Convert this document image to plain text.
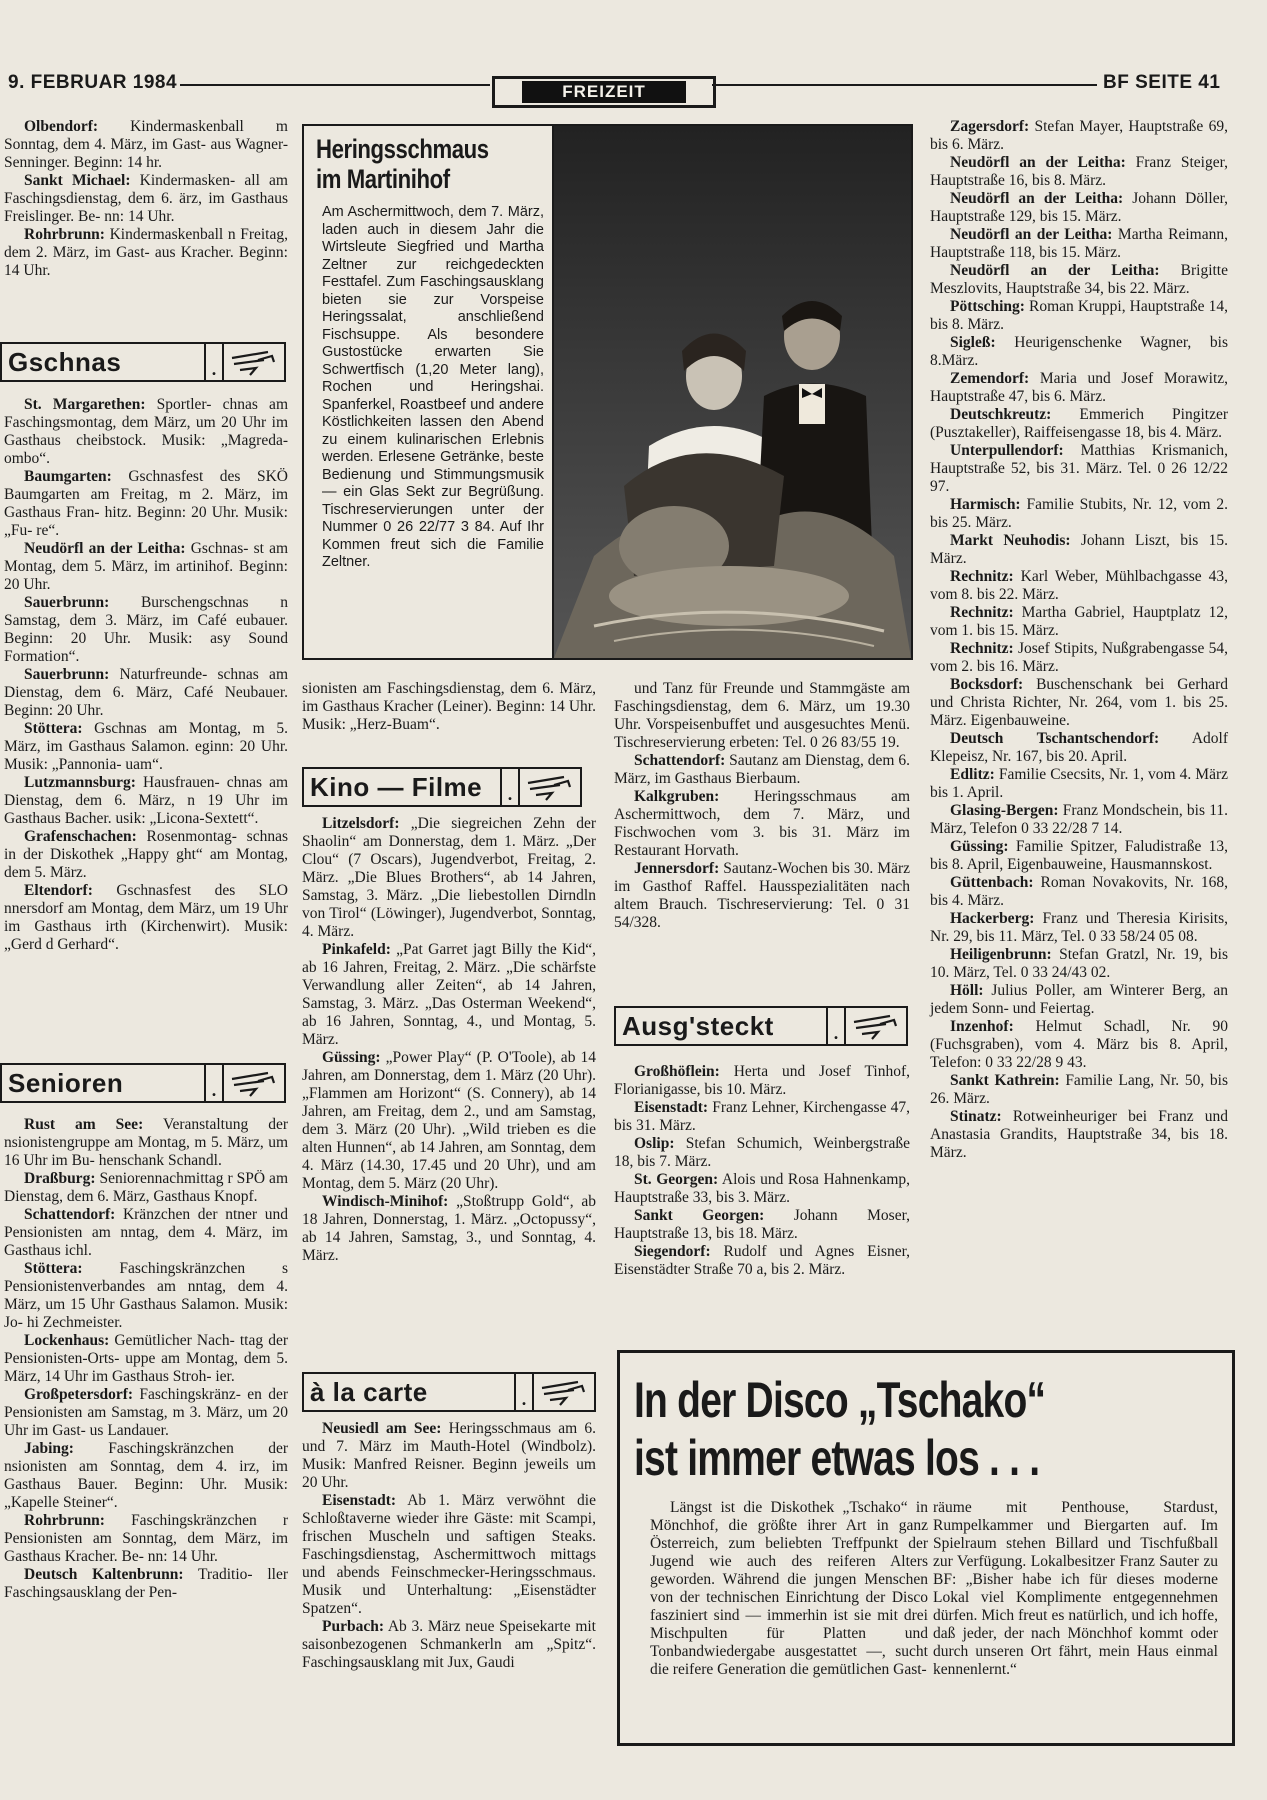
9. FEBRUAR 1984	FREIZEIT	BF SEITE 41

Olbendorf: Kindermaskenball m Sonntag, dem 4. März, im Gast- aus Wagner-Senninger. Beginn: 14 hr.

Sankt Michael: Kindermasken- all am Faschingsdienstag, dem 6. ärz, im Gasthaus Freislinger. Be- nn: 14 Uhr.

Rohrbrunn: Kindermaskenball n Freitag, dem 2. März, im Gast- aus Kracher. Beginn: 14 Uhr.

Gschnas	.

St. Margarethen: Sportler- chnas am Faschingsmontag, dem März, um 20 Uhr im Gasthaus cheibstock. Musik: „Magreda- ombo“.

Baumgarten: Gschnasfest des SKÖ Baumgarten am Freitag, m 2. März, im Gasthaus Fran- hitz. Beginn: 20 Uhr. Musik: „Fu- re“.

Neudörfl an der Leitha: Gschnas- st am Montag, dem 5. März, im artinihof. Beginn: 20 Uhr.

Sauerbrunn: Burschengschnas n Samstag, dem 3. März, im Café eubauer. Beginn: 20 Uhr. Musik: asy Sound Formation“.

Sauerbrunn: Naturfreunde- schnas am Dienstag, dem 6. März, Café Neubauer. Beginn: 20 Uhr.

Stöttera: Gschnas am Montag, m 5. März, im Gasthaus Salamon. eginn: 20 Uhr. Musik: „Pannonia- uam“.

Lutzmannsburg: Hausfrauen- chnas am Dienstag, dem 6. März, n 19 Uhr im Gasthaus Bacher. usik: „Licona-Sextett“.

Grafenschachen: Rosenmontag- schnas in der Diskothek „Happy ght“ am Montag, dem 5. März.

Eltendorf: Gschnasfest des SLO nnersdorf am Montag, dem März, um 19 Uhr im Gasthaus irth (Kirchenwirt). Musik: „Gerd d Gerhard“.

Senioren	.

Rust am See: Veranstaltung der nsionistengruppe am Montag, m 5. März, um 16 Uhr im Bu- henschank Schandl.

Draßburg: Seniorennachmittag r SPÖ am Dienstag, dem 6. März, Gasthaus Knopf.

Schattendorf: Kränzchen der ntner und Pensionisten am nntag, dem 4. März, im Gasthaus ichl.

Stöttera: Faschingskränzchen s Pensionistenverbandes am nntag, dem 4. März, um 15 Uhr Gasthaus Salamon. Musik: Jo- hi Zechmeister.

Lockenhaus: Gemütlicher Nach- ttag der Pensionisten-Orts- uppe am Montag, dem 5. März, 14 Uhr im Gasthaus Stroh- ier.

Großpetersdorf: Faschingskränz- en der Pensionisten am Samstag, m 3. März, um 20 Uhr im Gast- us Landauer.

Jabing: Faschingskränzchen der nsionisten am Sonntag, dem 4. irz, im Gasthaus Bauer. Beginn: Uhr. Musik: „Kapelle Steiner“.

Rohrbrunn: Faschingskränzchen r Pensionisten am Sonntag, dem März, im Gasthaus Kracher. Be- nn: 14 Uhr.

Deutsch Kaltenbrunn: Traditio- ller Faschingsausklang der Pen-

Heringsschmaus
im Martinihof
Am Aschermittwoch, dem 7. März, laden auch in diesem Jahr die Wirtsleute Siegfried und Martha Zeltner zur reichgedeckten Festtafel. Zum Faschingsausklang bieten sie zur Vorspeise Heringssalat, anschließend Fischsuppe. Als besondere Gustostücke erwarten Sie Schwertfisch (1,20 Meter lang), Rochen und Heringshai. Spanferkel, Roastbeef und andere Köstlichkeiten lassen den Abend zu einem kulinarischen Erlebnis werden. Erlesene Getränke, beste Bedienung und Stimmungsmusik — ein Glas Sekt zur Begrüßung. Tischreservierungen unter der Nummer 0 26 22/77 3 84. Auf Ihr Kommen freut sich die Familie Zeltner.
sionisten am Faschingsdienstag, dem 6. März, im Gasthaus Kracher (Leiner). Beginn: 14 Uhr. Musik: „Herz-Buam“.
Kino — Filme	.

Litzelsdorf: „Die siegreichen Zehn der Shaolin“ am Donnerstag, dem 1. März. „Der Clou“ (7 Oscars), Jugendverbot, Freitag, 2. März. „Die Blues Brothers“, ab 14 Jahren, Samstag, 3. März. „Die liebestollen Dirndln von Tirol“ (Löwinger), Jugendverbot, Sonntag, 4. März.

Pinkafeld: „Pat Garret jagt Billy the Kid“, ab 16 Jahren, Freitag, 2. März. „Die schärfste Verwandlung aller Zeiten“, ab 14 Jahren, Samstag, 3. März. „Das Osterman Weekend“, ab 16 Jahren, Sonntag, 4., und Montag, 5. März.

Güssing: „Power Play“ (P. O'Toole), ab 14 Jahren, am Donnerstag, dem 1. März (20 Uhr). „Flammen am Horizont“ (S. Connery), ab 14 Jahren, am Freitag, dem 2., und am Samstag, dem 3. März (20 Uhr). „Wild trieben es die alten Hunnen“, ab 14 Jahren, am Sonntag, dem 4. März (14.30, 17.45 und 20 Uhr), und am Montag, dem 5. März (20 Uhr).

Windisch-Minihof: „Stoßtrupp Gold“, ab 18 Jahren, Donnerstag, 1. März. „Octopussy“, ab 14 Jahren, Samstag, 3., und Sonntag, 4. März.

à la carte	.

Neusiedl am See: Heringsschmaus am 6. und 7. März im Mauth-Hotel (Windbolz). Musik: Manfred Reisner. Beginn jeweils um 20 Uhr.

Eisenstadt: Ab 1. März verwöhnt die Schloßtaverne wieder ihre Gäste: mit Scampi, frischen Muscheln und saftigen Steaks. Faschingsdienstag, Aschermittwoch mittags und abends Feinschmecker-Heringsschmaus. Musik und Unterhaltung: „Eisenstädter Spatzen“.

Purbach: Ab 3. März neue Speisekarte mit saisonbezogenen Schmankerln am „Spitz“. Faschingsausklang mit Jux, Gaudi

und Tanz für Freunde und Stammgäste am Faschingsdienstag, dem 6. März, um 19.30 Uhr. Vorspeisenbuffet und ausgesuchtes Menü. Tischreservierung erbeten: Tel. 0 26 83/55 19.

Schattendorf: Sautanz am Dienstag, dem 6. März, im Gasthaus Bierbaum.

Kalkgruben: Heringsschmaus am Aschermittwoch, dem 7. März, und Fischwochen vom 3. bis 31. März im Restaurant Horvath.

Jennersdorf: Sautanz-Wochen bis 30. März im Gasthof Raffel. Hausspezialitäten nach altem Brauch. Tischreservierung: Tel. 0 31 54/328.

Ausg'steckt	.

Großhöflein: Herta und Josef Tinhof, Florianigasse, bis 10. März.

Eisenstadt: Franz Lehner, Kirchengasse 47, bis 31. März.

Oslip: Stefan Schumich, Weinbergstraße 18, bis 7. März.

St. Georgen: Alois und Rosa Hahnenkamp, Hauptstraße 33, bis 3. März.

Sankt Georgen: Johann Moser, Hauptstraße 13, bis 18. März.

Siegendorf: Rudolf und Agnes Eisner, Eisenstädter Straße 70 a, bis 2. März.

Zagersdorf: Stefan Mayer, Hauptstraße 69, bis 6. März.

Neudörfl an der Leitha: Franz Steiger, Hauptstraße 16, bis 8. März.

Neudörfl an der Leitha: Johann Döller, Hauptstraße 129, bis 15. März.

Neudörfl an der Leitha: Martha Reimann, Hauptstraße 118, bis 15. März.

Neudörfl an der Leitha: Brigitte Meszlovits, Hauptstraße 34, bis 22. März.

Pöttsching: Roman Kruppi, Hauptstraße 14, bis 8. März.

Sigleß: Heurigenschenke Wagner, bis 8.März.

Zemendorf: Maria und Josef Morawitz, Hauptstraße 47, bis 6. März.

Deutschkreutz: Emmerich Pingitzer (Pusztakeller), Raiffeisengasse 18, bis 4. März.

Unterpullendorf: Matthias Krismanich, Hauptstraße 52, bis 31. März. Tel. 0 26 12/22 97.

Harmisch: Familie Stubits, Nr. 12, vom 2. bis 25. März.

Markt Neuhodis: Johann Liszt, bis 15. März.

Rechnitz: Karl Weber, Mühlbachgasse 43, vom 8. bis 22. März.

Rechnitz: Martha Gabriel, Hauptplatz 12, vom 1. bis 15. März.

Rechnitz: Josef Stipits, Nußgrabengasse 54, vom 2. bis 16. März.

Bocksdorf: Buschenschank bei Gerhard und Christa Richter, Nr. 264, vom 1. bis 25. März. Eigenbauweine.

Deutsch Tschantschendorf: Adolf Klepeisz, Nr. 167, bis 20. April.

Edlitz: Familie Csecsits, Nr. 1, vom 4. März bis 1. April.

Glasing-Bergen: Franz Mondschein, bis 11. März, Telefon 0 33 22/28 7 14.

Güssing: Familie Spitzer, Faludistraße 13, bis 8. April, Eigenbauweine, Hausmannskost.

Güttenbach: Roman Novakovits, Nr. 168, bis 4. März.

Hackerberg: Franz und Theresia Kirisits, Nr. 29, bis 11. März, Tel. 0 33 58/24 05 08.

Heiligenbrunn: Stefan Gratzl, Nr. 19, bis 10. März, Tel. 0 33 24/43 02.

Höll: Julius Poller, am Winterer Berg, an jedem Sonn- und Feiertag.

Inzenhof: Helmut Schadl, Nr. 90 (Fuchsgraben), vom 4. März bis 8. April, Telefon: 0 33 22/28 9 43.

Sankt Kathrein: Familie Lang, Nr. 50, bis 26. März.

Stinatz: Rotweinheuriger bei Franz und Anastasia Grandits, Hauptstraße 34, bis 18. März.

In der Disco „Tschako“
ist immer etwas los . . .

Längst ist die Diskothek „Tschako“ in Mönchhof, die größte ihrer Art in ganz Österreich, zum beliebten Treffpunkt der Jugend wie auch des reiferen Alters geworden. Während die jungen Menschen von der technischen Einrichtung der Disco fasziniert sind — immerhin ist sie mit drei Mischpulten für Platten und Tonbandwiedergabe ausgestattet —, sucht die reifere Generation die gemütlichen Gast-

räume mit Penthouse, Stardust, Rumpelkammer und Biergarten auf. Im Spielraum stehen Billard und Tischfußball zur Verfügung. Lokalbesitzer Franz Sauter zu BF: „Bisher habe ich für dieses moderne Lokal viel Komplimente entgegennehmen dürfen. Mich freut es natürlich, und ich hoffe, daß jeder, der nach Mönchhof kommt oder durch unseren Ort fährt, mein Haus einmal kennenlernt.“
